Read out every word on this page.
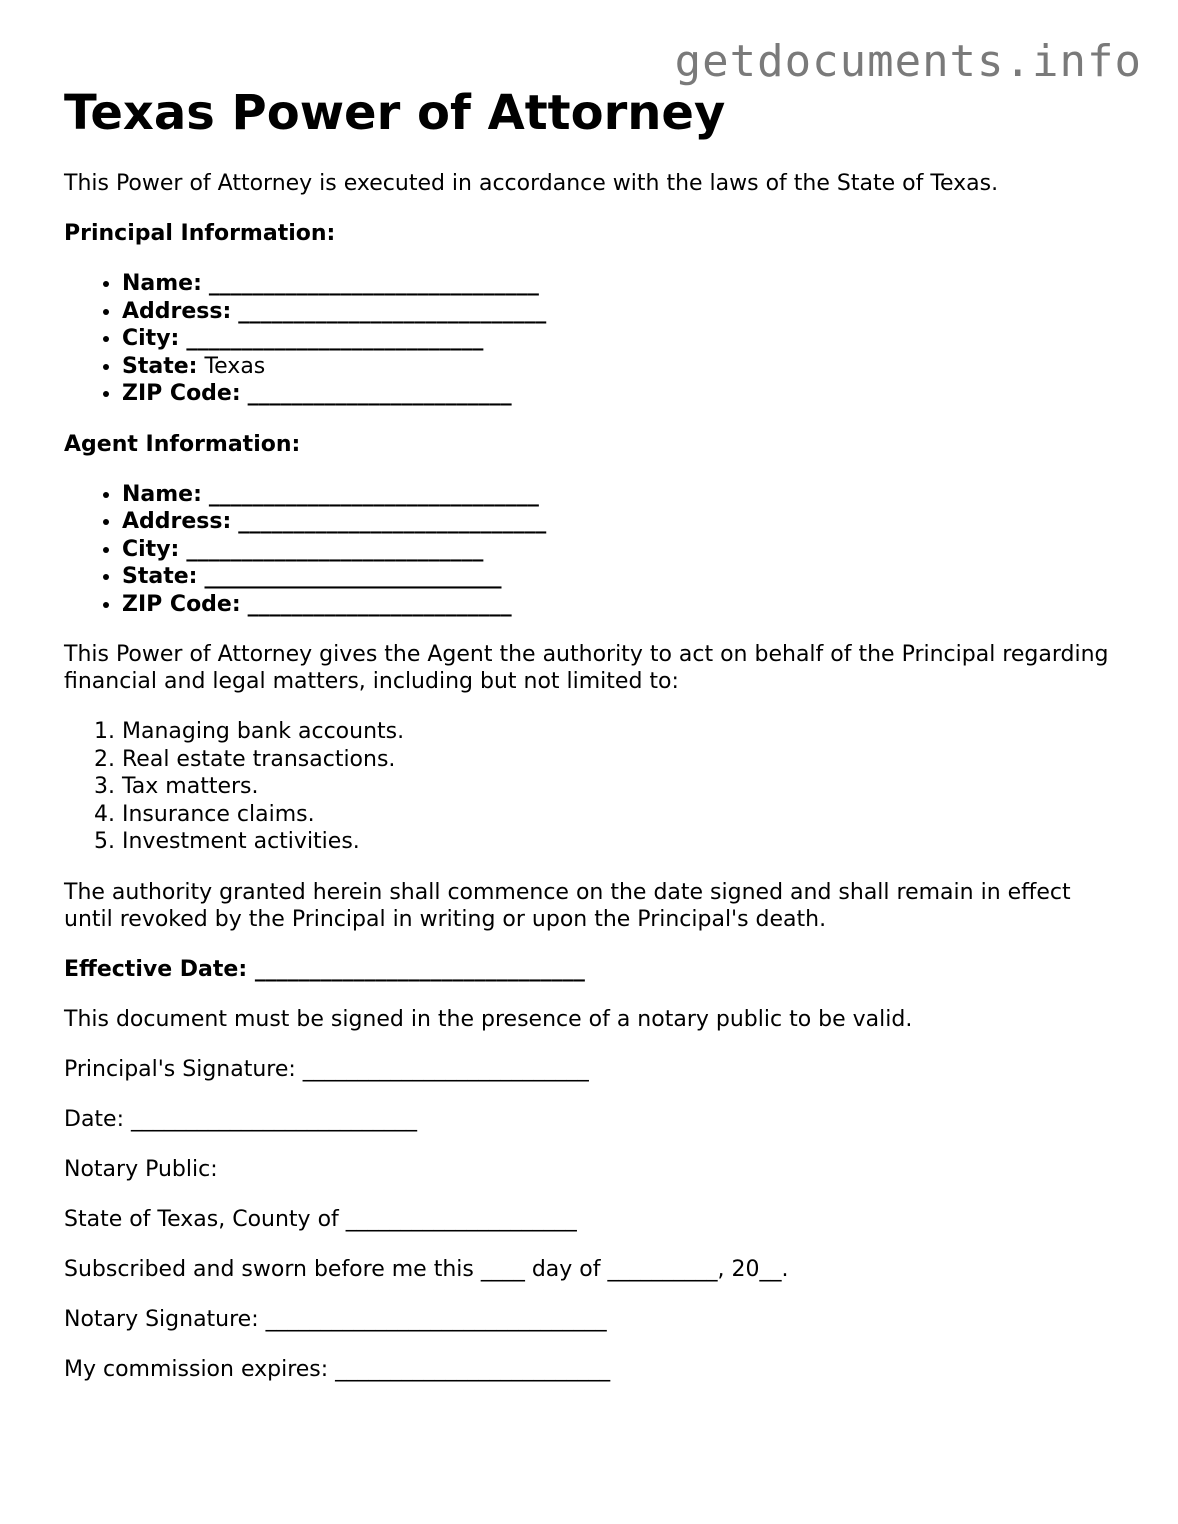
getdocuments.info
Texas Power of Attorney

This Power of Attorney is executed in accordance with the laws of the State of Texas.

Principal Information:

• Name: ______________________________
• Address: ____________________________
• City: ___________________________
• State: Texas
• ZIP Code: ________________________

Agent Information:

• Name: ______________________________
• Address: ____________________________
• City: ___________________________
• State: ___________________________
• ZIP Code: ________________________

This Power of Attorney gives the Agent the authority to act on behalf of the Principal regarding financial and legal matters, including but not limited to:

1. Managing bank accounts.
2. Real estate transactions.
3. Tax matters.
4. Insurance claims.
5. Investment activities.

The authority granted herein shall commence on the date signed and shall remain in effect until revoked by the Principal in writing or upon the Principal's death.

Effective Date: ______________________________

This document must be signed in the presence of a notary public to be valid.

Principal's Signature: __________________________

Date: __________________________

Notary Public:

State of Texas, County of _____________________

Subscribed and sworn before me this ____ day of __________, 20__.

Notary Signature: _______________________________

My commission expires: _________________________
